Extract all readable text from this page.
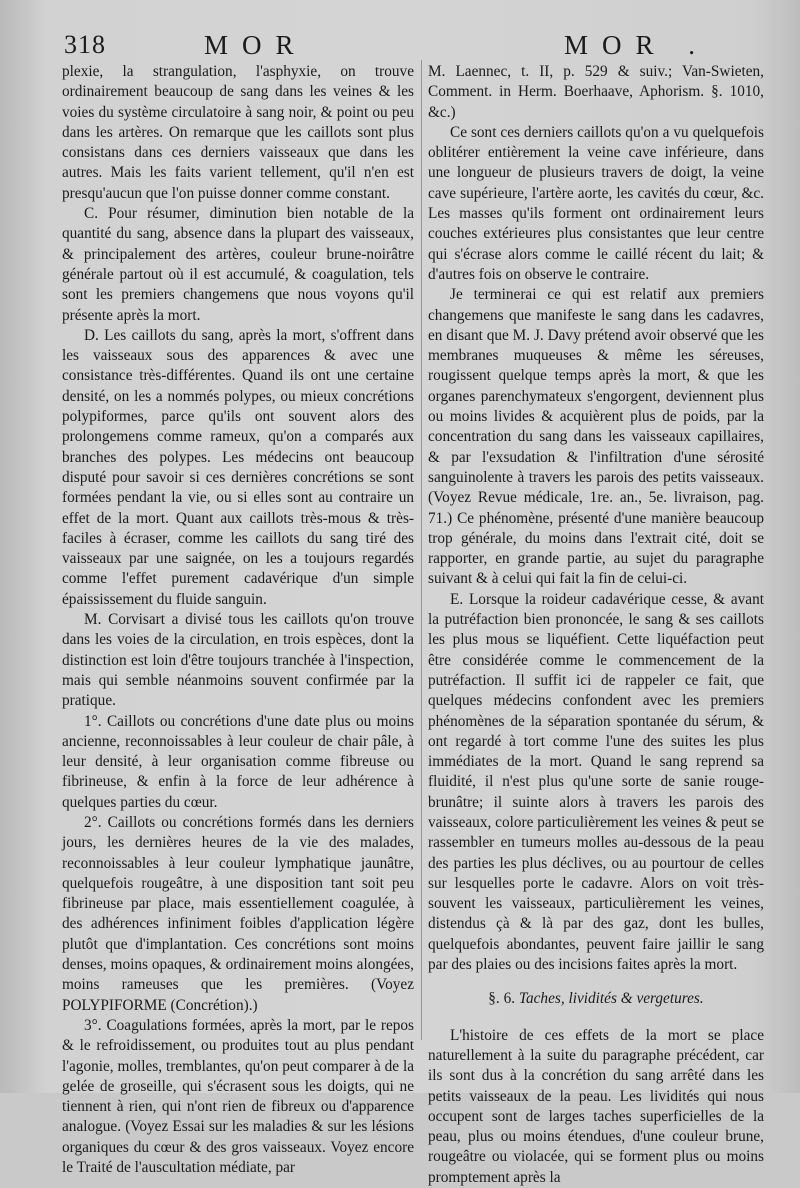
318	MOR	MOR .

plexie, la strangulation, l'asphyxie, on trouve ordinairement beaucoup de sang dans les veines & les voies du système circulatoire à sang noir, & point ou peu dans les artères. On remarque que les caillots sont plus consistans dans ces derniers vaisseaux que dans les autres. Mais les faits varient tellement, qu'il n'en est presqu'aucun que l'on puisse donner comme constant.

C. Pour résumer, diminution bien notable de la quantité du sang, absence dans la plupart des vaisseaux, & principalement des artères, couleur brune-noirâtre générale partout où il est accumulé, & coagulation, tels sont les premiers changemens que nous voyons qu'il présente après la mort.

D. Les caillots du sang, après la mort, s'offrent dans les vaisseaux sous des apparences & avec une consistance très-différentes. Quand ils ont une certaine densité, on les a nommés polypes, ou mieux concrétions polypiformes, parce qu'ils ont souvent alors des prolongemens comme rameux, qu'on a comparés aux branches des polypes. Les médecins ont beaucoup disputé pour savoir si ces dernières concrétions se sont formées pendant la vie, ou si elles sont au contraire un effet de la mort. Quant aux caillots très-mous & très-faciles à écraser, comme les caillots du sang tiré des vaisseaux par une saignée, on les a toujours regardés comme l'effet purement cadavérique d'un simple épaississement du fluide sanguin.

M. Corvisart a divisé tous les caillots qu'on trouve dans les voies de la circulation, en trois espèces, dont la distinction est loin d'être toujours tranchée à l'inspection, mais qui semble néanmoins souvent confirmée par la pratique.

1°. Caillots ou concrétions d'une date plus ou moins ancienne, reconnoissables à leur couleur de chair pâle, à leur densité, à leur organisation comme fibreuse ou fibrineuse, & enfin à la force de leur adhérence à quelques parties du cœur.

2°. Caillots ou concrétions formés dans les derniers jours, les dernières heures de la vie des malades, reconnoissables à leur couleur lymphatique jaunâtre, quelquefois rougeâtre, à une disposition tant soit peu fibrineuse par place, mais essentiellement coagulée, à des adhérences infiniment foibles d'application légère plutôt que d'implantation. Ces concrétions sont moins denses, moins opaques, & ordinairement moins alongées, moins rameuses que les premières. (Voyez POLYPIFORME (Concrétion).)

3°. Coagulations formées, après la mort, par le repos & le refroidissement, ou produites tout au plus pendant l'agonie, molles, tremblantes, qu'on peut comparer à de la gelée de groseille, qui s'écrasent sous les doigts, qui ne tiennent à rien, qui n'ont rien de fibreux ou d'apparence analogue. (Voyez Essai sur les maladies & sur les lésions organiques du cœur & des gros vaisseaux. Voyez encore le Traité de l'auscultation médiate, par

M. Laennec, t. II, p. 529 & suiv.; Van-Swieten, Comment. in Herm. Boerhaave, Aphorism. §. 1010, &c.)

Ce sont ces derniers caillots qu'on a vu quelquefois oblitérer entièrement la veine cave inférieure, dans une longueur de plusieurs travers de doigt, la veine cave supérieure, l'artère aorte, les cavités du cœur, &c. Les masses qu'ils forment ont ordinairement leurs couches extérieures plus consistantes que leur centre qui s'écrase alors comme le caillé récent du lait; & d'autres fois on observe le contraire.

Je terminerai ce qui est relatif aux premiers changemens que manifeste le sang dans les cadavres, en disant que M. J. Davy prétend avoir observé que les membranes muqueuses & même les séreuses, rougissent quelque temps après la mort, & que les organes parenchymateux s'engorgent, deviennent plus ou moins livides & acquièrent plus de poids, par la concentration du sang dans les vaisseaux capillaires, & par l'exsudation & l'infiltration d'une sérosité sanguinolente à travers les parois des petits vaisseaux. (Voyez Revue médicale, 1re. an., 5e. livraison, pag. 71.) Ce phénomène, présenté d'une manière beaucoup trop générale, du moins dans l'extrait cité, doit se rapporter, en grande partie, au sujet du paragraphe suivant & à celui qui fait la fin de celui-ci.

E. Lorsque la roideur cadavérique cesse, & avant la putréfaction bien prononcée, le sang & ses caillots les plus mous se liquéfient. Cette liquéfaction peut être considérée comme le commencement de la putréfaction. Il suffit ici de rappeler ce fait, que quelques médecins confondent avec les premiers phénomènes de la séparation spontanée du sérum, & ont regardé à tort comme l'une des suites les plus immédiates de la mort. Quand le sang reprend sa fluidité, il n'est plus qu'une sorte de sanie rouge-brunâtre; il suinte alors à travers les parois des vaisseaux, colore particulièrement les veines & peut se rassembler en tumeurs molles au-dessous de la peau des parties les plus déclives, ou au pourtour de celles sur lesquelles porte le cadavre. Alors on voit très-souvent les vaisseaux, particulièrement les veines, distendus çà & là par des gaz, dont les bulles, quelquefois abondantes, peuvent faire jaillir le sang par des plaies ou des incisions faites après la mort.

§. 6. Taches, lividités & vergetures.

L'histoire de ces effets de la mort se place naturellement à la suite du paragraphe précédent, car ils sont dus à la concrétion du sang arrêté dans les petits vaisseaux de la peau. Les lividités qui nous occupent sont de larges taches superficielles de la peau, plus ou moins étendues, d'une couleur brune, rougeâtre ou violacée, qui se forment plus ou moins promptement après la
